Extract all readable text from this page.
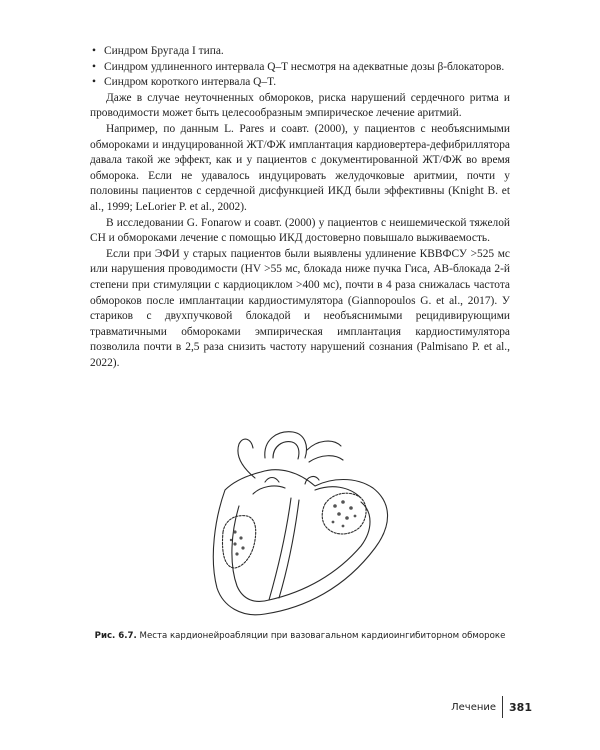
• Синдром Бругада I типа.
• Синдром удлиненного интервала Q–T несмотря на адекватные дозы β-блокаторов.
• Синдром короткого интервала Q–T.

Даже в случае неуточненных обмороков, риска нарушений сердечного ритма и проводимости может быть целесообразным эмпирическое лечение аритмий.

Например, по данным L. Pares и соавт. (2000), у пациентов с необъяснимыми обмороками и индуцированной ЖТ/ФЖ имплантация кардиовертера-дефибриллятора давала такой же эффект, как и у пациентов с документированной ЖТ/ФЖ во время обморока. Если не удавалось индуцировать желудочковые аритмии, почти у половины пациентов с сердечной дисфункцией ИКД были эффективны (Knight B. et al., 1999; LeLorier P. et al., 2002).

В исследовании G. Fonarow и соавт. (2000) у пациентов с неишемической тяжелой СН и обмороками лечение с помощью ИКД достоверно повышало выживаемость.

Если при ЭФИ у старых пациентов были выявлены удлинение КВВФСУ >525 мс или нарушения проводимости (HV >55 мс, блокада ниже пучка Гиса, АВ-блокада 2-й степени при стимуляции с кардиоциклом >400 мс), почти в 4 раза снижалась частота обмороков после имплантации кардиостимулятора (Giannopoulos G. et al., 2017). У стариков с двухпучковой блокадой и необъяснимыми рецидивирующими травматичными обмороками эмпирическая имплантация кардиостимулятора позволила почти в 2,5 раза снизить частоту нарушений сознания (Palmisano P. et al., 2022).

Рис. 6.7. Места кардионейроабляции при вазовагальном кардиоингибиторном обмороке
Лечение 381
